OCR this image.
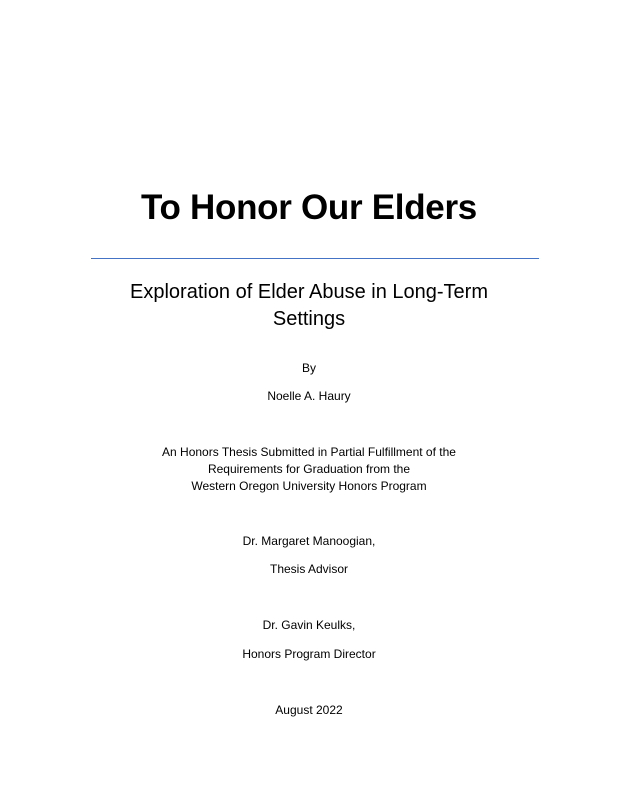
To Honor Our Elders
Exploration of Elder Abuse in Long-Term Settings
By
Noelle A. Haury
An Honors Thesis Submitted in Partial Fulfillment of the
Requirements for Graduation from the
Western Oregon University Honors Program
Dr. Margaret Manoogian,
Thesis Advisor
Dr. Gavin Keulks,
Honors Program Director
August 2022
